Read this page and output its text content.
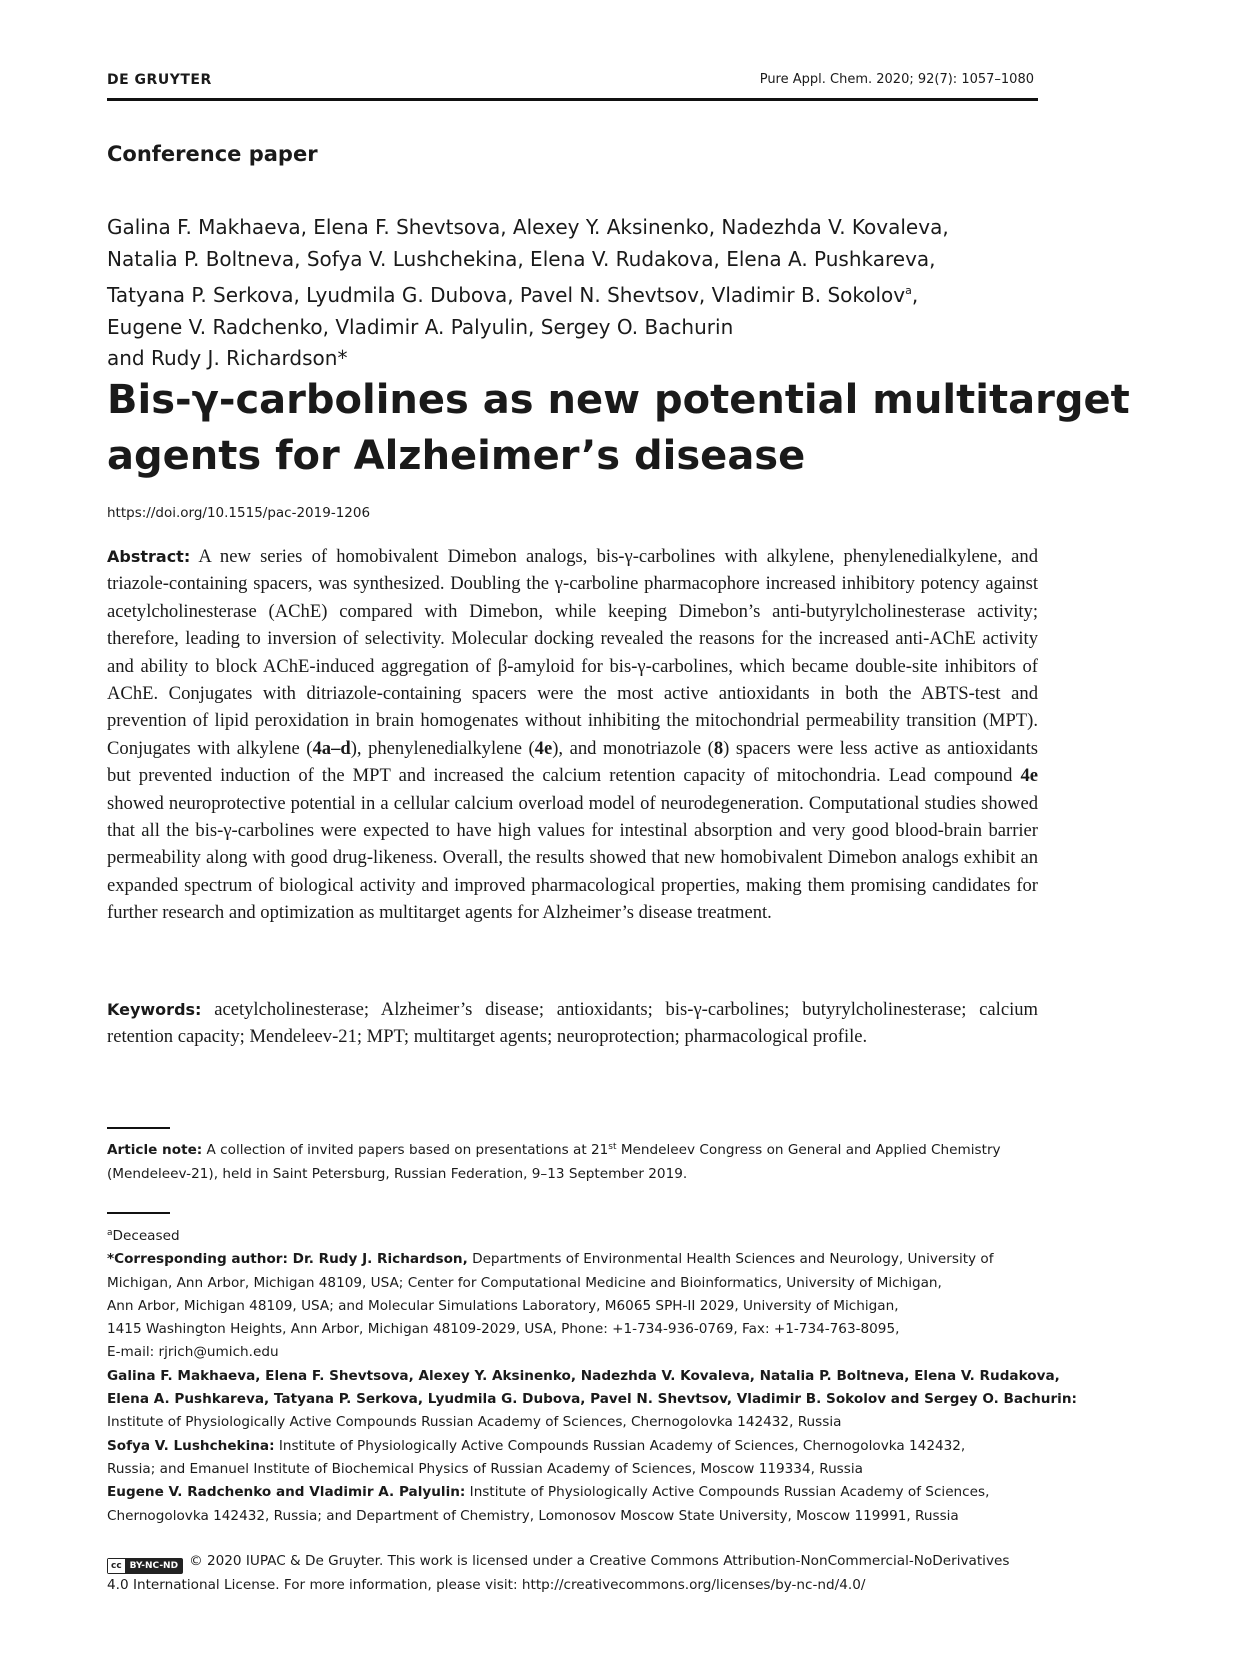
DE GRUYTER	Pure Appl. Chem. 2020; 92(7): 1057–1080
Conference paper
Galina F. Makhaeva, Elena F. Shevtsova, Alexey Y. Aksinenko, Nadezhda V. Kovaleva,
Natalia P. Boltneva, Sofya V. Lushchekina, Elena V. Rudakova, Elena A. Pushkareva,
Tatyana P. Serkova, Lyudmila G. Dubova, Pavel N. Shevtsov, Vladimir B. Sokolov$^a$,
Eugene V. Radchenko, Vladimir A. Palyulin, Sergey O. Bachurin
and Rudy J. Richardson*
Bis-γ-carbolines as new potential multitarget
agents for Alzheimer’s disease
https://doi.org/10.1515/pac-2019-1206
Abstract: A new series of homobivalent Dimebon analogs, bis-γ-carbolines with alkylene, phenylenedialkylene, and triazole-containing spacers, was synthesized. Doubling the γ-carboline pharmacophore increased inhibitory potency against acetylcholinesterase (AChE) compared with Dimebon, while keeping Dimebon’s anti-butyrylcholinesterase activity; therefore, leading to inversion of selectivity. Molecular docking revealed the reasons for the increased anti-AChE activity and ability to block AChE-induced aggregation of β-amyloid for bis-γ-carbolines, which became double-site inhibitors of AChE. Conjugates with ditriazole-containing spacers were the most active antioxidants in both the ABTS-test and prevention of lipid peroxidation in brain homogenates without inhibiting the mitochondrial permeability transition (MPT). Conjugates with alkylene (4a–d), phenylenedialkylene (4e), and monotriazole (8) spacers were less active as antioxidants but prevented induction of the MPT and increased the calcium retention capacity of mitochondria. Lead compound 4e showed neuroprotective potential in a cellular calcium overload model of neurodegeneration. Computational studies showed that all the bis-γ-carbolines were expected to have high values for intestinal absorption and very good blood-brain barrier permeability along with good drug-likeness. Overall, the results showed that new homobivalent Dimebon analogs exhibit an expanded spectrum of biological activity and improved pharmacological properties, making them promising candidates for further research and optimization as multitarget agents for Alzheimer’s disease treatment.
Keywords: acetylcholinesterase; Alzheimer’s disease; antioxidants; bis-γ-carbolines; butyrylcholinesterase; calcium retention capacity; Mendeleev-21; MPT; multitarget agents; neuroprotection; pharmacological profile.
Article note: A collection of invited papers based on presentations at 21st Mendeleev Congress on General and Applied Chemistry
(Mendeleev-21), held in Saint Petersburg, Russian Federation, 9–13 September 2019.
$^a$Deceased
*Corresponding author: Dr. Rudy J. Richardson, Departments of Environmental Health Sciences and Neurology, University of
Michigan, Ann Arbor, Michigan 48109, USA; Center for Computational Medicine and Bioinformatics, University of Michigan,
Ann Arbor, Michigan 48109, USA; and Molecular Simulations Laboratory, M6065 SPH-II 2029, University of Michigan,
1415 Washington Heights, Ann Arbor, Michigan 48109-2029, USA, Phone: +1-734-936-0769, Fax: +1-734-763-8095,
E-mail: rjrich@umich.edu
Galina F. Makhaeva, Elena F. Shevtsova, Alexey Y. Aksinenko, Nadezhda V. Kovaleva, Natalia P. Boltneva, Elena V. Rudakova,
Elena A. Pushkareva, Tatyana P. Serkova, Lyudmila G. Dubova, Pavel N. Shevtsov, Vladimir B. Sokolov and Sergey O. Bachurin:
Institute of Physiologically Active Compounds Russian Academy of Sciences, Chernogolovka 142432, Russia
Sofya V. Lushchekina: Institute of Physiologically Active Compounds Russian Academy of Sciences, Chernogolovka 142432,
Russia; and Emanuel Institute of Biochemical Physics of Russian Academy of Sciences, Moscow 119334, Russia
Eugene V. Radchenko and Vladimir A. Palyulin: Institute of Physiologically Active Compounds Russian Academy of Sciences,
Chernogolovka 142432, Russia; and Department of Chemistry, Lomonosov Moscow State University, Moscow 119991, Russia
cc BY-NC-ND © 2020 IUPAC & De Gruyter. This work is licensed under a Creative Commons Attribution-NonCommercial-NoDerivatives
4.0 International License. For more information, please visit: http://creativecommons.org/licenses/by-nc-nd/4.0/
